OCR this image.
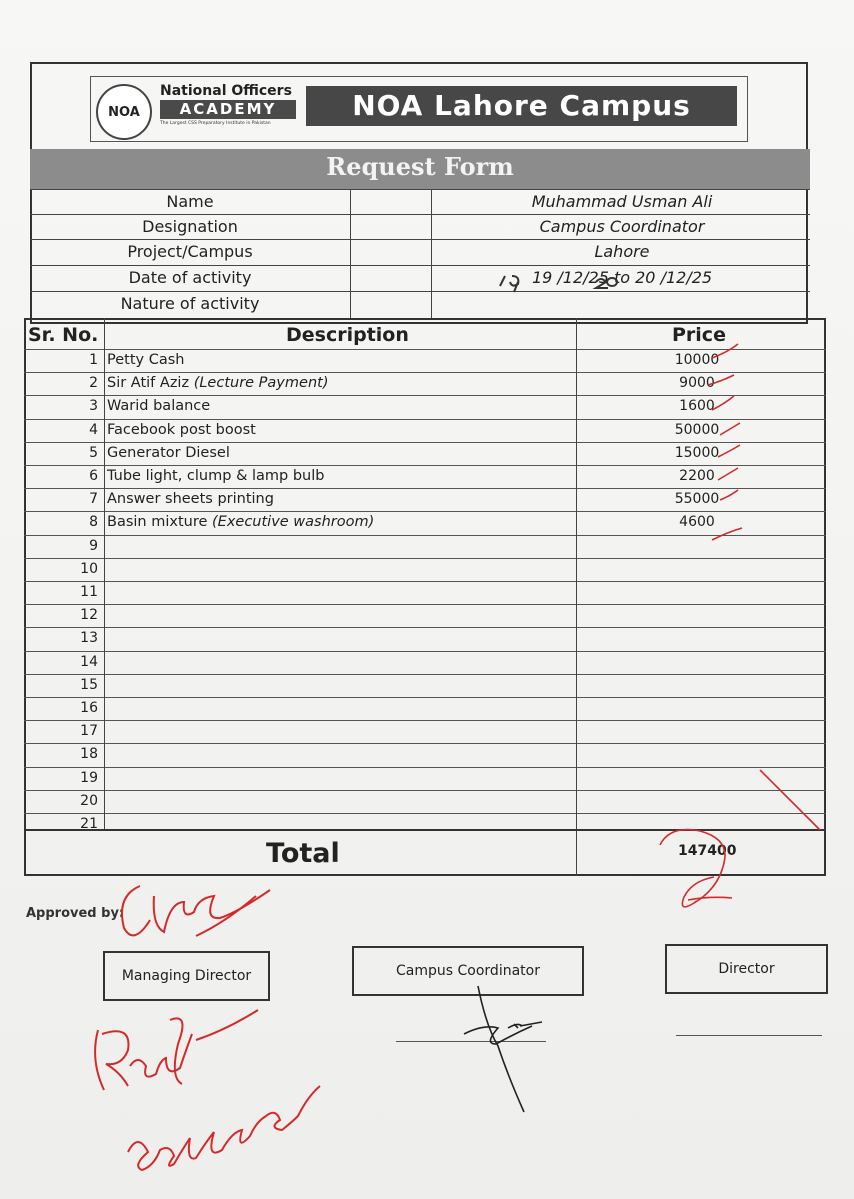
NOA
National Officers
ACADEMY
The Largest CSS Preparatory Institute in Pakistan
NOA Lahore Campus
Request Form
Name	Muhammad Usman Ali
Designation	Campus Coordinator
Project/Campus	Lahore
Date of activity	19 /12/25 to 20 /12/25
Nature of activity
Sr. No.	Description	Price
1 Petty Cash	10000
2 Sir Atif Aziz (Lecture Payment)	9000
3 Warid balance	1600
4 Facebook post boost	50000
5 Generator Diesel	15000
6 Tube light, clump & lamp bulb	2200
7 Answer sheets printing	55000
8 Basin mixture (Executive washroom)	4600
9
10
11
12
13
14
15
16
17
18
19
20
21
Total	147400
Approved by:
Managing Director	Campus Coordinator	Director
